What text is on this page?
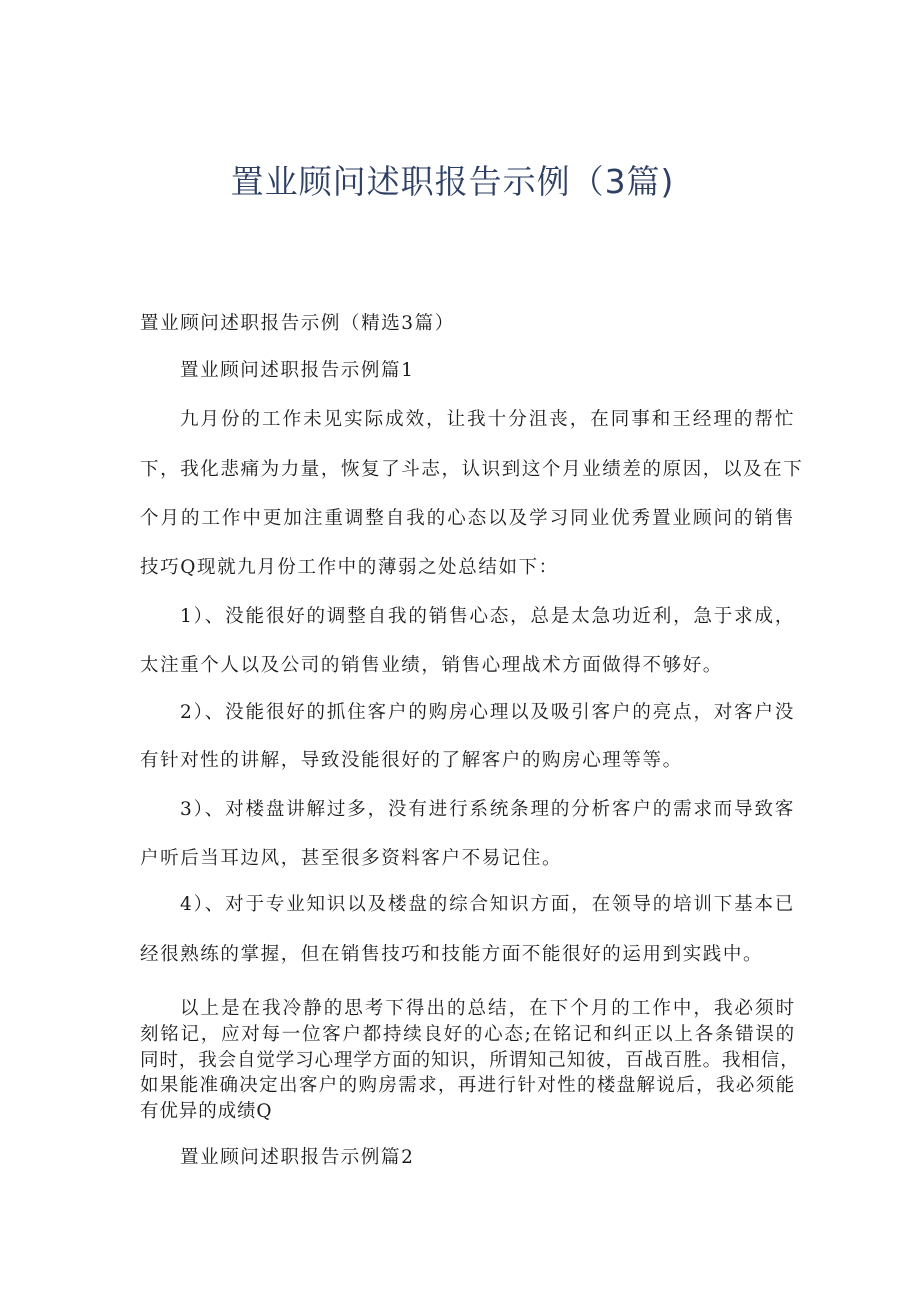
置业顾问述职报告示例（3篇)
置业顾问述职报告示例（精选3篇）
置业顾问述职报告示例篇1
九月份的工作未见实际成效，让我十分沮丧，在同事和王经理的帮忙
下，我化悲痛为力量，恢复了斗志，认识到这个月业绩差的原因，以及在下
个月的工作中更加注重调整自我的心态以及学习同业优秀置业顾问的销售
技巧Q现就九月份工作中的薄弱之处总结如下：
1）、没能很好的调整自我的销售心态，总是太急功近利，急于求成，
太注重个人以及公司的销售业绩，销售心理战术方面做得不够好。
2）、没能很好的抓住客户的购房心理以及吸引客户的亮点，对客户没
有针对性的讲解，导致没能很好的了解客户的购房心理等等。
3）、对楼盘讲解过多，没有进行系统条理的分析客户的需求而导致客
户听后当耳边风，甚至很多资料客户不易记住。
4）、对于专业知识以及楼盘的综合知识方面，在领导的培训下基本已
经很熟练的掌握，但在销售技巧和技能方面不能很好的运用到实践中。
以上是在我冷静的思考下得出的总结，在下个月的工作中，我必须时
刻铭记，应对每一位客户都持续良好的心态;在铭记和纠正以上各条错误的
同时，我会自觉学习心理学方面的知识，所谓知己知彼，百战百胜。我相信，
如果能准确决定出客户的购房需求，再进行针对性的楼盘解说后，我必须能
有优异的成绩Q
置业顾问述职报告示例篇2
